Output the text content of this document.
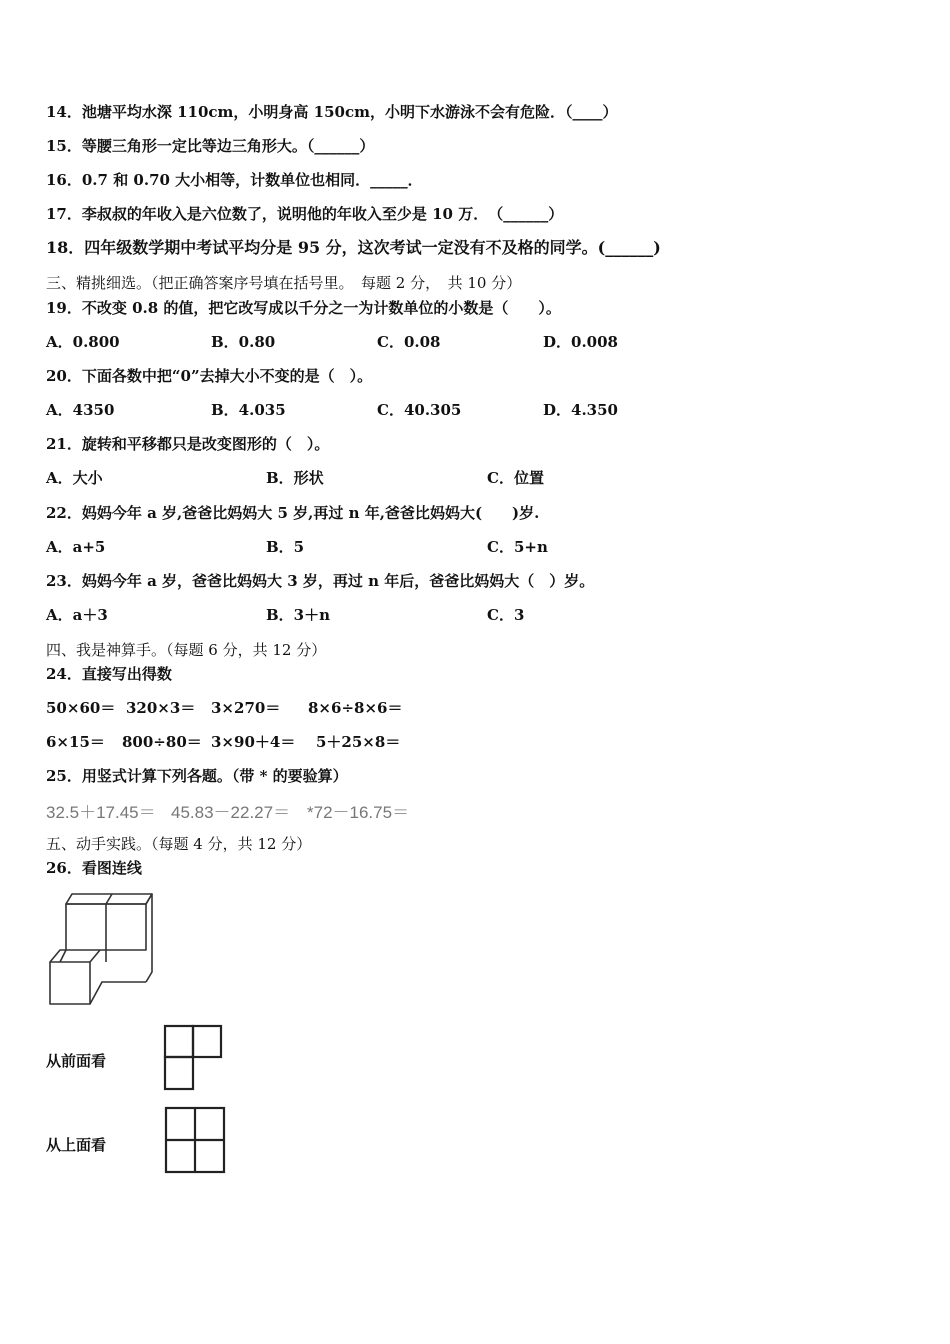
14．池塘平均水深 110cm，小明身高 150cm，小明下水游泳不会有危险．（____）
15．等腰三角形一定比等边三角形大。（______）
16．0.7 和 0.70 大小相等，计数单位也相同．_____．
17．李叔叔的年收入是六位数了，说明他的年收入至少是 10 万．　（______）
18．四年级数学期中考试平均分是 95 分，这次考试一定没有不及格的同学。(______)
三、精挑细选。（把正确答案序号填在括号里。　每题 2 分，　共 10 分）
19．不改变 0.8 的值，把它改写成以千分之一为计数单位的小数是（　　）。
A．0.800	B．0.80	C．0.08	D．0.008
20．下面各数中把“0”去掉大小不变的是（　）。
A．4350	B．4.035	C．40.305	D．4.350
21．旋转和平移都只是改变图形的（　）。
A．大小	B．形状	C．位置
22．妈妈今年 a 岁,爸爸比妈妈大 5 岁,再过 n 年,爸爸比妈妈大(　　)岁.
A．a+5	B．5	C．5+n
23．妈妈今年 a 岁，爸爸比妈妈大 3 岁，再过 n 年后，爸爸比妈妈大（　）岁。
A．a＋3	B．3＋n	C．3
四、我是神算手。（每题 6 分，共 12 分）
24．直接写出得数
50×60＝ 320×3＝ 3×270＝ 8×6÷8×6＝
6×15＝ 800÷80＝ 3×90＋4＝ 5＋25×8＝
25．用竖式计算下列各题。（带 * 的要验算）
32.5＋17.45＝ 45.83－22.27＝ *72－16.75＝
五、动手实践。（每题 4 分，共 12 分）
26．看图连线
从前面看
从上面看
